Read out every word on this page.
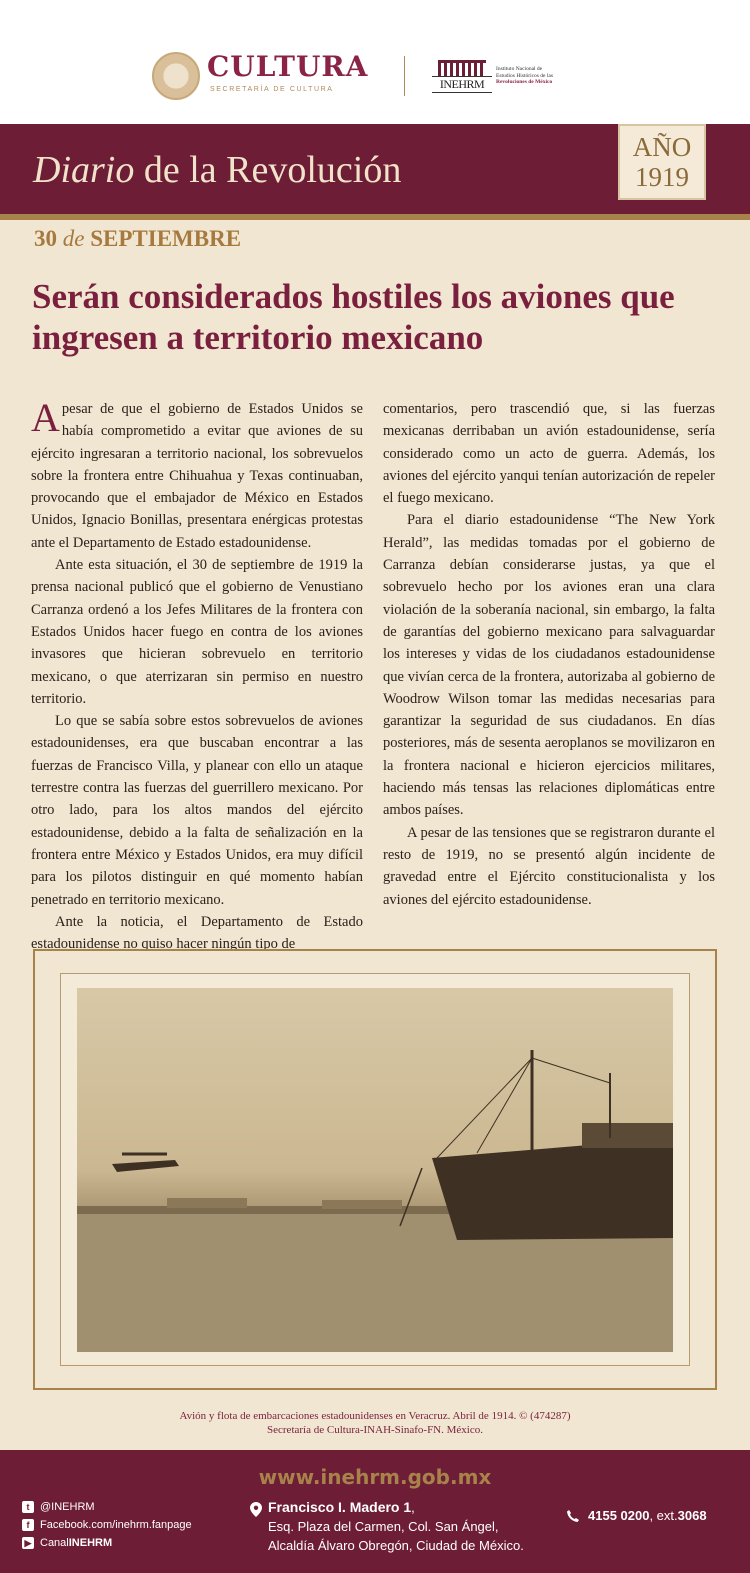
CULTURA
SECRETARÍA DE CULTURA	INEHRM
Instituto Nacional de
Estudios Históricos de las
Revoluciones de México
Diario de la Revolución
AÑO
1919
30 de SEPTIEMBRE
Serán considerados hostiles los aviones que ingresen a territorio mexicano

Apesar de que el gobierno de Estados Unidos se había comprometido a evitar que aviones de su ejército ingresaran a territorio nacional, los sobrevuelos sobre la frontera entre Chihuahua y Texas continuaban, provocando que el embajador de México en Estados Unidos, Ignacio Bonillas, presentara enérgicas protestas ante el Departamento de Estado estadounidense.

Ante esta situación, el 30 de septiembre de 1919 la prensa nacional publicó que el gobierno de Venustiano Carranza ordenó a los Jefes Militares de la frontera con Estados Unidos hacer fuego en contra de los aviones invasores que hicieran sobrevuelo en territorio mexicano, o que aterrizaran sin permiso en nuestro territorio.

Lo que se sabía sobre estos sobrevuelos de aviones estadounidenses, era que buscaban encontrar a las fuerzas de Francisco Villa, y planear con ello un ataque terrestre contra las fuerzas del guerrillero mexicano. Por otro lado, para los altos mandos del ejército estadounidense, debido a la falta de señalización en la frontera entre México y Estados Unidos, era muy difícil para los pilotos distinguir en qué momento habían penetrado en territorio mexicano.

Ante la noticia, el Departamento de Estado estadounidense no quiso hacer ningún tipo de

comentarios, pero trascendió que, si las fuerzas mexicanas derribaban un avión estadounidense, sería considerado como un acto de guerra. Además, los aviones del ejército yanqui tenían autorización de repeler el fuego mexicano.

Para el diario estadounidense “The New York Herald”, las medidas tomadas por el gobierno de Carranza debían considerarse justas, ya que el sobrevuelo hecho por los aviones eran una clara violación de la soberanía nacional, sin embargo, la falta de garantías del gobierno mexicano para salvaguardar los intereses y vidas de los ciudadanos estadounidense que vivían cerca de la frontera, autorizaba al gobierno de Woodrow Wilson tomar las medidas necesarias para garantizar la seguridad de sus ciudadanos. En días posteriores, más de sesenta aeroplanos se movilizaron en la frontera nacional e hicieron ejercicios militares, haciendo más tensas las relaciones diplomáticas entre ambos países.

A pesar de las tensiones que se registraron durante el resto de 1919, no se presentó algún incidente de gravedad entre el Ejército constitucionalista y los aviones del ejército estadounidense.

Avión y flota de embarcaciones estadounidenses en Veracruz. Abril de 1914. © (474287)
Secretaría de Cultura-INAH-Sinafo-FN. México.
www.inehrm.gob.mx
t @INEHRM
f Facebook.com/inehrm.fanpage
▶ Canal INEHRM
Francisco I. Madero 1,
Esq. Plaza del Carmen, Col. San Ángel,
Alcaldía Álvaro Obregón, Ciudad de México.
4155 0200 , ext. 3068
